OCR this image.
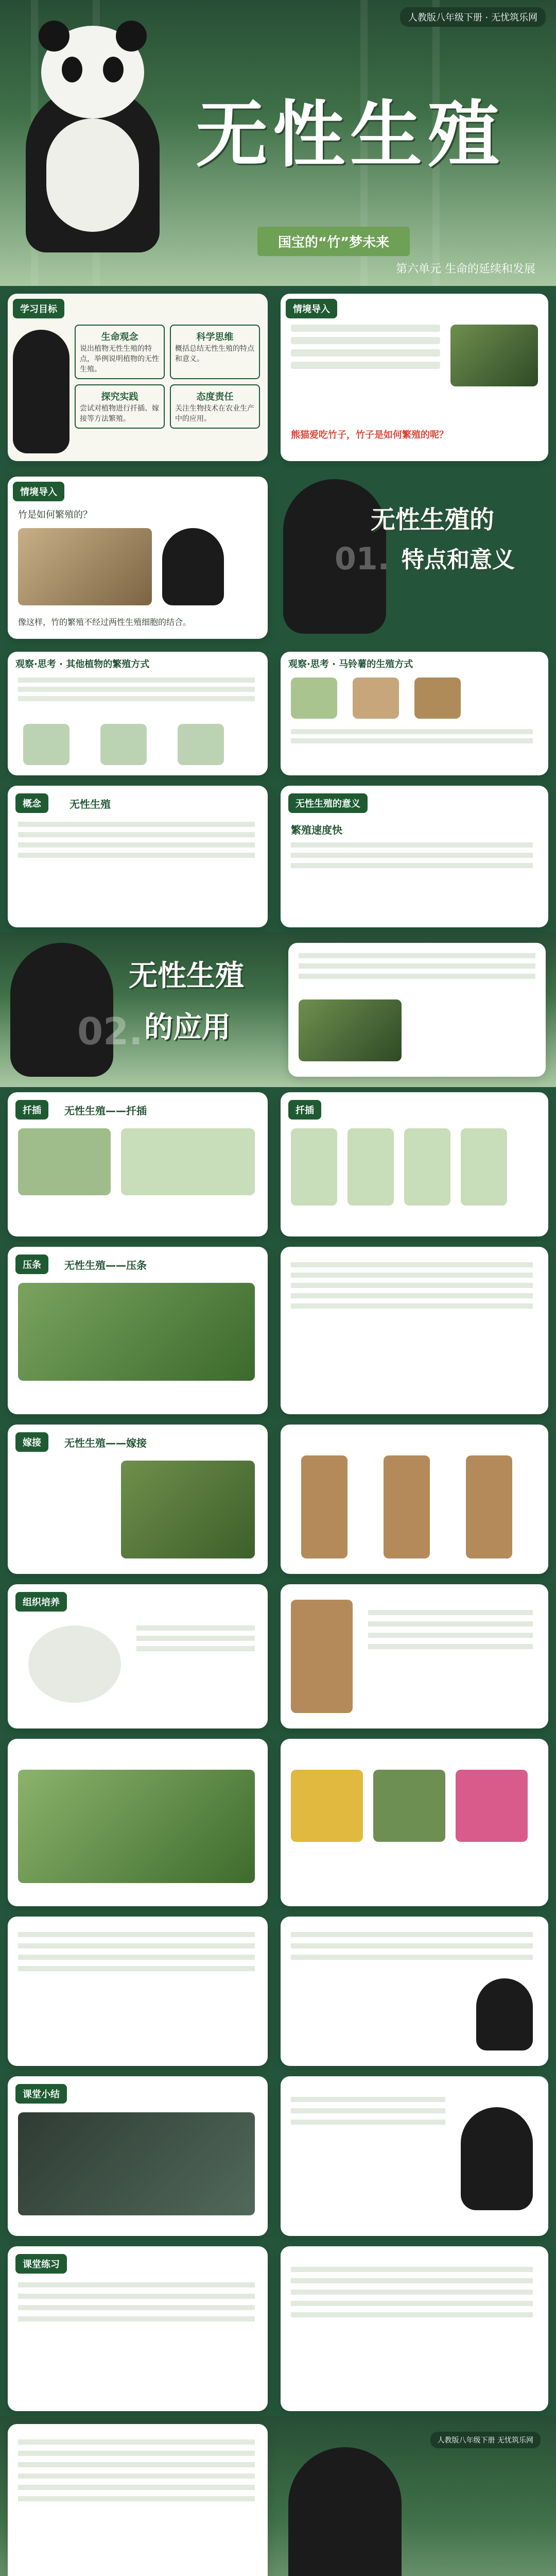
人教版八年级下册 · 无忧筑乐网
无性生殖
国宝的“竹”梦未来
第六单元 生命的延续和发展
学习目标
生命观念
说出植物无性生殖的特点，举例说明植物的无性生殖。
科学思维
概括总结无性生殖的特点和意义。
探究实践
尝试对植物进行扦插、嫁接等方法繁殖。
态度责任
关注生物技术在农业生产中的应用。
情境导入
熊猫爱吃竹子，竹子是如何繁殖的呢？
情境导入
竹是如何繁殖的？
像这样，竹的繁殖不经过两性生殖细胞的结合。
无性生殖的
特点和意义
01.
观察·思考 · 其他植物的繁殖方式	观察·思考 · 马铃薯的生殖方式
概念	无性生殖	无性生殖的意义
繁殖速度快
无性生殖
的应用
02.
扦插	无性生殖——扦插	扦插
压条	无性生殖——压条
嫁接	无性生殖——嫁接
组织培养
课堂小结
课堂练习
人教版八年级下册 无忧筑乐网
